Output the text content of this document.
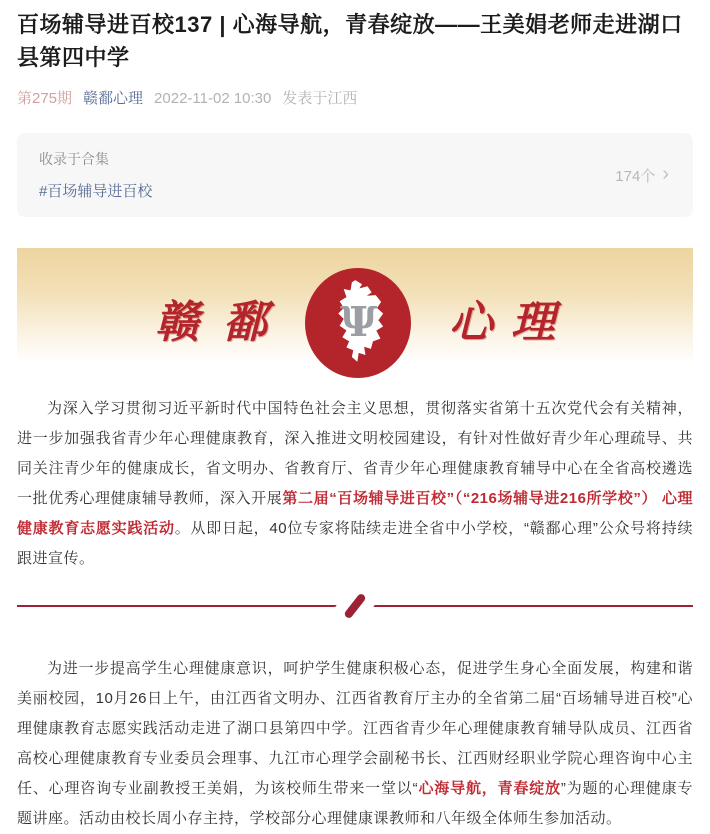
百场辅导进百校137 | 心海导航，青春绽放——王美娟老师走进湖口县第四中学
第275期 赣鄱心理 2022-11-02 10:30 发表于江西
收录于合集
#百场辅导进百校
174个 ›
赣鄱 Ψ 心理

为深入学习贯彻习近平新时代中国特色社会主义思想，贯彻落实省第十五次党代会有关精神，进一步加强我省青少年心理健康教育，深入推进文明校园建设，有针对性做好青少年心理疏导、共同关注青少年的健康成长，省文明办、省教育厅、省青少年心理健康教育辅导中心在全省高校遴选一批优秀心理健康辅导教师，深入开展第二届“百场辅导进百校”（“216场辅导进216所学校”） 心理健康教育志愿实践活动。从即日起，40位专家将陆续走进全省中小学校，“赣鄱心理”公众号将持续跟进宣传。

为进一步提高学生心理健康意识，呵护学生健康积极心态，促进学生身心全面发展，构建和谐美丽校园，10月26日上午，由江西省文明办、江西省教育厅主办的全省第二届“百场辅导进百校”心理健康教育志愿实践活动走进了湖口县第四中学。江西省青少年心理健康教育辅导队成员、江西省高校心理健康教育专业委员会理事、九江市心理学会副秘书长、江西财经职业学院心理咨询中心主任、心理咨询专业副教授王美娟，为该校师生带来一堂以“心海导航，青春绽放”为题的心理健康专题讲座。活动由校长周小存主持，学校部分心理健康课教师和八年级全体师生参加活动。
